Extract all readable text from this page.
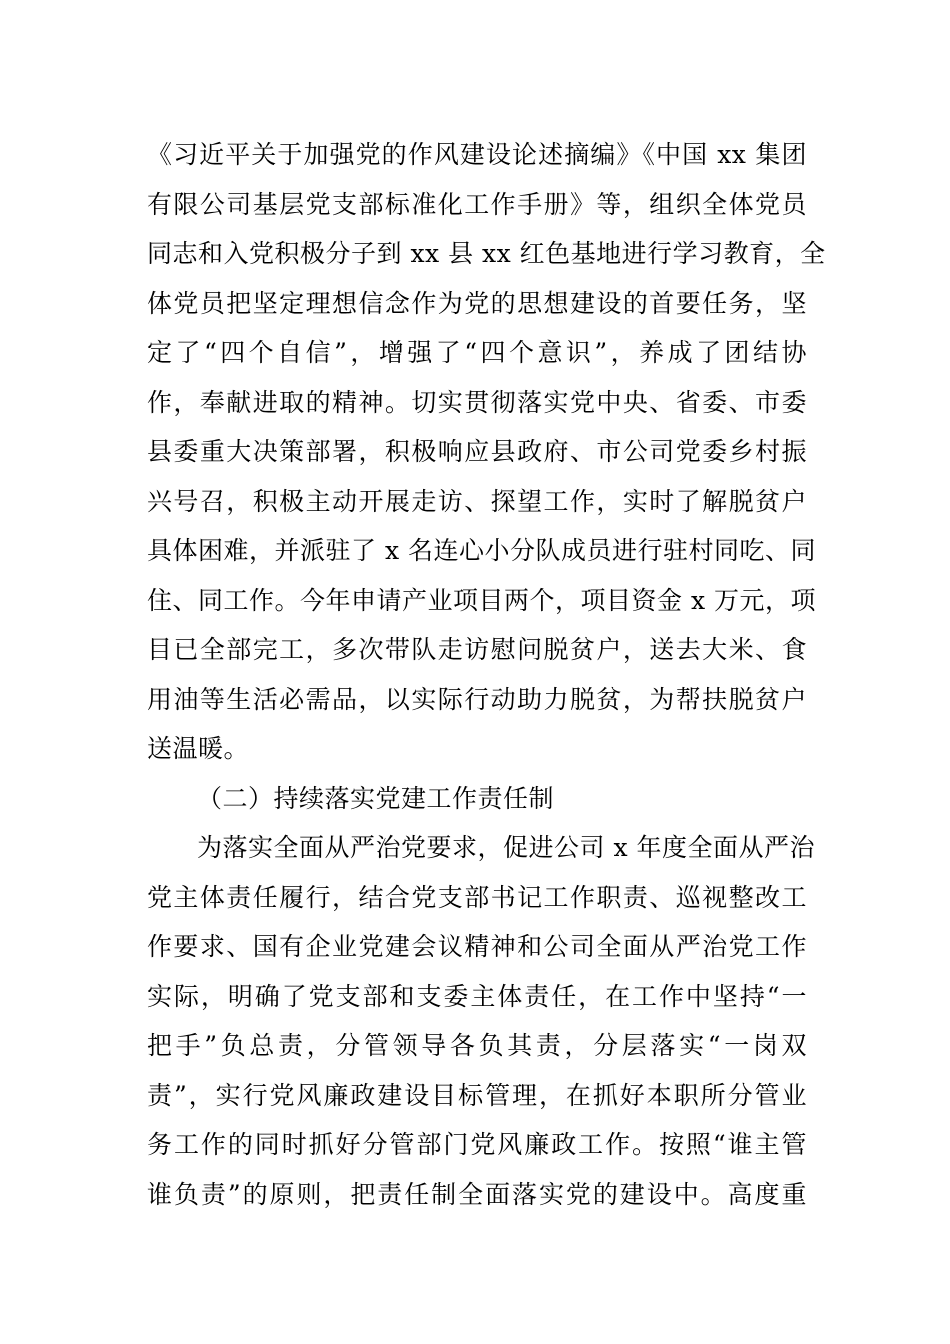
《习近平关于加强党的作风建设论述摘编》《中国 xx 集团
有限公司基层党支部标准化工作手册》等，组织全体党员
同志和入党积极分子到 xx 县 xx 红色基地进行学习教育，全
体党员把坚定理想信念作为党的思想建设的首要任务，坚
定了“四个自信”，增强了“四个意识”，养成了团结协
作，奉献进取的精神。切实贯彻落实党中央、省委、市委
县委重大决策部署，积极响应县政府、市公司党委乡村振
兴号召，积极主动开展走访、探望工作，实时了解脱贫户
具体困难，并派驻了 x 名连心小分队成员进行驻村同吃、同
住、同工作。今年申请产业项目两个，项目资金 x 万元，项
目已全部完工，多次带队走访慰问脱贫户，送去大米、食
用油等生活必需品，以实际行动助力脱贫，为帮扶脱贫户
送温暖。
（二）持续落实党建工作责任制
为落实全面从严治党要求，促进公司 x 年度全面从严治
党主体责任履行，结合党支部书记工作职责、巡视整改工
作要求、国有企业党建会议精神和公司全面从严治党工作
实际，明确了党支部和支委主体责任，在工作中坚持“一
把手”负总责，分管领导各负其责，分层落实“一岗双
责”，实行党风廉政建设目标管理，在抓好本职所分管业
务工作的同时抓好分管部门党风廉政工作。按照“谁主管
谁负责”的原则，把责任制全面落实党的建设中。高度重
